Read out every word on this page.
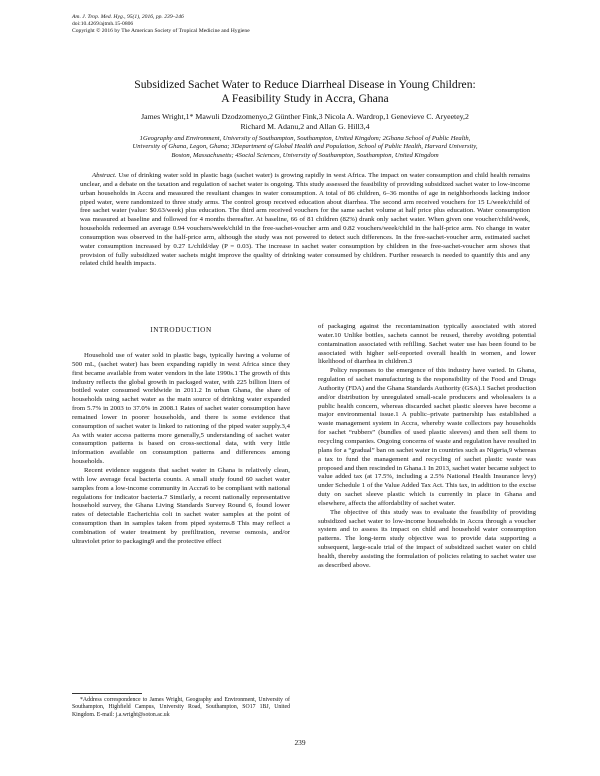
Am. J. Trop. Med. Hyg., 95(1), 2016, pp. 239–246
doi:10.4269/ajtmh.15-0806
Copyright © 2016 by The American Society of Tropical Medicine and Hygiene
Subsidized Sachet Water to Reduce Diarrheal Disease in Young Children:
A Feasibility Study in Accra, Ghana
James Wright,1* Mawuli Dzodzomenyo,2 Günther Fink,3 Nicola A. Wardrop,1 Genevieve C. Aryeetey,2
Richard M. Adanu,2 and Allan G. Hill3,4
1Geography and Environment, University of Southampton, Southampton, United Kingdom; 2Ghana School of Public Health,
University of Ghana, Legon, Ghana; 3Department of Global Health and Population, School of Public Health, Harvard University,
Boston, Massachusetts; 4Social Sciences, University of Southampton, Southampton, United Kingdom
Abstract. Use of drinking water sold in plastic bags (sachet water) is growing rapidly in west Africa. The impact on water consumption and child health remains unclear, and a debate on the taxation and regulation of sachet water is ongoing. This study assessed the feasibility of providing subsidized sachet water to low-income urban households in Accra and measured the resultant changes in water consumption. A total of 86 children, 6–36 months of age in neighborhoods lacking indoor piped water, were randomized to three study arms. The control group received education about diarrhea. The second arm received vouchers for 15 L/week/child of free sachet water (value: $0.63/week) plus education. The third arm received vouchers for the same sachet volume at half price plus education. Water consumption was measured at baseline and followed for 4 months thereafter. At baseline, 66 of 81 children (82%) drank only sachet water. When given one voucher/child/week, households redeemed an average 0.94 vouchers/week/child in the free-sachet-voucher arm and 0.82 vouchers/week/child in the half-price arm. No change in water consumption was observed in the half-price arm, although the study was not powered to detect such differences. In the free-sachet-voucher arm, estimated sachet water consumption increased by 0.27 L/child/day (P = 0.03). The increase in sachet water consumption by children in the free-sachet-voucher arm shows that provision of fully subsidized water sachets might improve the quality of drinking water consumed by children. Further research is needed to quantify this and any related child health impacts.
INTRODUCTION

Household use of water sold in plastic bags, typically having a volume of 500 mL, (sachet water) has been expanding rapidly in west Africa since they first became available from water vendors in the late 1990s.1 The growth of this industry reflects the global growth in packaged water, with 225 billion liters of bottled water consumed worldwide in 2011.2 In urban Ghana, the share of households using sachet water as the main source of drinking water expanded from 5.7% in 2003 to 37.0% in 2008.1 Rates of sachet water consumption have remained lower in poorer households, and there is some evidence that consumption of sachet water is linked to rationing of the piped water supply.3,4 As with water access patterns more generally,5 understanding of sachet water consumption patterns is based on cross-sectional data, with very little information available on consumption patterns and differences among households.

Recent evidence suggests that sachet water in Ghana is relatively clean, with low average fecal bacteria counts. A small study found 60 sachet water samples from a low-income community in Accra6 to be compliant with national regulations for indicator bacteria.7 Similarly, a recent nationally representative household survey, the Ghana Living Standards Survey Round 6, found lower rates of detectable Escherichia coli in sachet water samples at the point of consumption than in samples taken from piped systems.8 This may reflect a combination of water treatment by prefiltration, reverse osmosis, and/or ultraviolet prior to packaging9 and the protective effect

of packaging against the recontamination typically associated with stored water.10 Unlike bottles, sachets cannot be reused, thereby avoiding potential contamination associated with refilling. Sachet water use has been found to be associated with higher self-reported overall health in women, and lower likelihood of diarrhea in children.3

Policy responses to the emergence of this industry have varied. In Ghana, regulation of sachet manufacturing is the responsibility of the Food and Drugs Authority (FDA) and the Ghana Standards Authority (GSA).1 Sachet production and/or distribution by unregulated small-scale producers and wholesalers is a public health concern, whereas discarded sachet plastic sleeves have become a major environmental issue.1 A public–private partnership has established a waste management system in Accra, whereby waste collectors pay households for sachet “rubbers” (bundles of used plastic sleeves) and then sell them to recycling companies. Ongoing concerns of waste and regulation have resulted in plans for a “gradual” ban on sachet water in countries such as Nigeria,9 whereas a tax to fund the management and recycling of sachet plastic waste was proposed and then rescinded in Ghana.1 In 2013, sachet water became subject to value added tax (at 17.5%, including a 2.5% National Health Insurance levy) under Schedule 1 of the Value Added Tax Act. This tax, in addition to the excise duty on sachet sleeve plastic which is currently in place in Ghana and elsewhere, affects the affordability of sachet water.

The objective of this study was to evaluate the feasibility of providing subsidized sachet water to low-income households in Accra through a voucher system and to assess its impact on child and household water consumption patterns. The long-term study objective was to provide data supporting a subsequent, large-scale trial of the impact of subsidized sachet water on child health, thereby assisting the formulation of policies relating to sachet water use as described above.

*Address correspondence to James Wright, Geography and Environment, University of Southampton, Highfield Campus, University Road, Southampton, SO17 1BJ, United Kingdom. E-mail: j.a.wright@soton.ac.uk
239
